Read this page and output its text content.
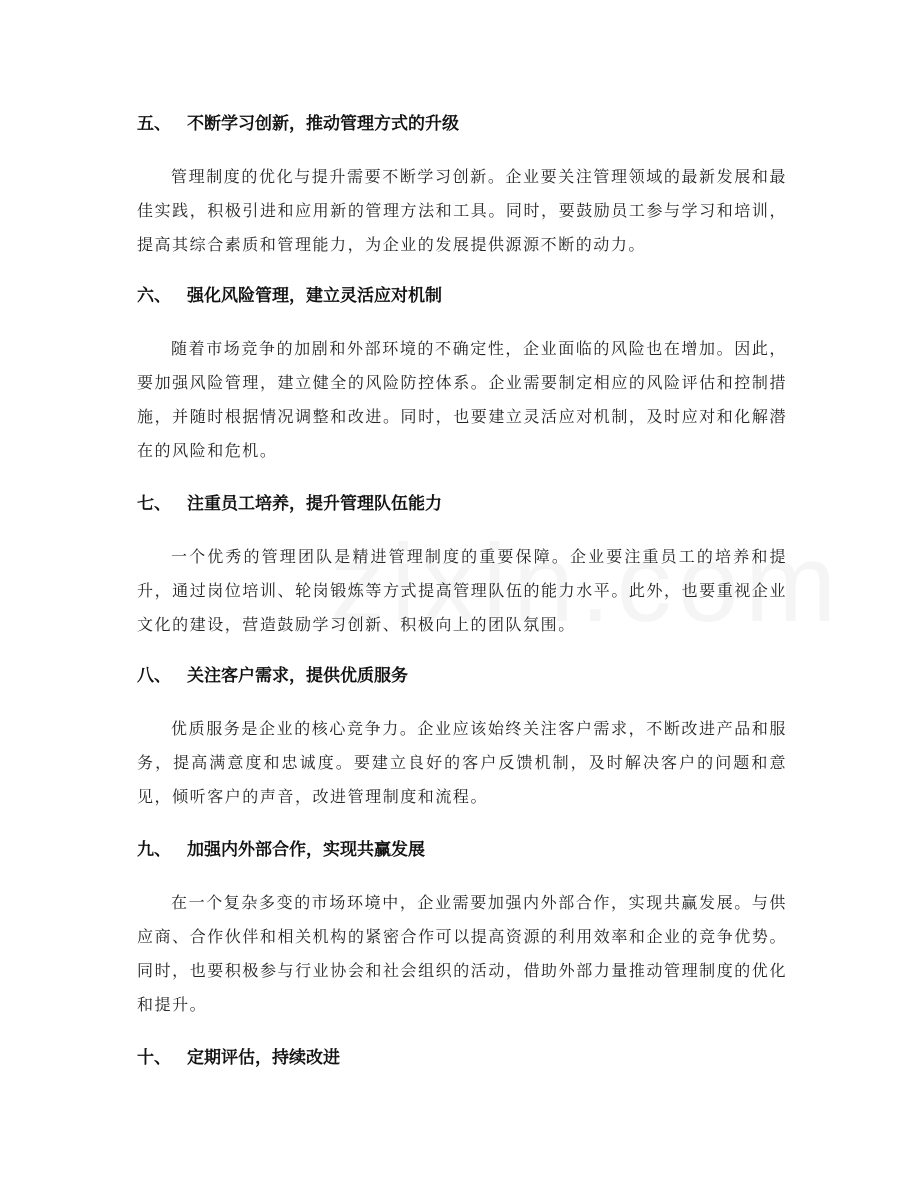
五、 不断学习创新，推动管理方式的升级
管理制度的优化与提升需要不断学习创新。企业要关注管理领域的最新发展和最佳实践，积极引进和应用新的管理方法和工具。同时，要鼓励员工参与学习和培训，提高其综合素质和管理能力，为企业的发展提供源源不断的动力。
六、 强化风险管理，建立灵活应对机制
随着市场竞争的加剧和外部环境的不确定性，企业面临的风险也在增加。因此，要加强风险管理，建立健全的风险防控体系。企业需要制定相应的风险评估和控制措施，并随时根据情况调整和改进。同时，也要建立灵活应对机制，及时应对和化解潜在的风险和危机。
七、 注重员工培养，提升管理队伍能力
一个优秀的管理团队是精进管理制度的重要保障。企业要注重员工的培养和提升，通过岗位培训、轮岗锻炼等方式提高管理队伍的能力水平。此外，也要重视企业文化的建设，营造鼓励学习创新、积极向上的团队氛围。
八、 关注客户需求，提供优质服务
优质服务是企业的核心竞争力。企业应该始终关注客户需求，不断改进产品和服务，提高满意度和忠诚度。要建立良好的客户反馈机制，及时解决客户的问题和意见，倾听客户的声音，改进管理制度和流程。
九、 加强内外部合作，实现共赢发展
在一个复杂多变的市场环境中，企业需要加强内外部合作，实现共赢发展。与供应商、合作伙伴和相关机构的紧密合作可以提高资源的利用效率和企业的竞争优势。同时，也要积极参与行业协会和社会组织的活动，借助外部力量推动管理制度的优化和提升。
十、 定期评估，持续改进
